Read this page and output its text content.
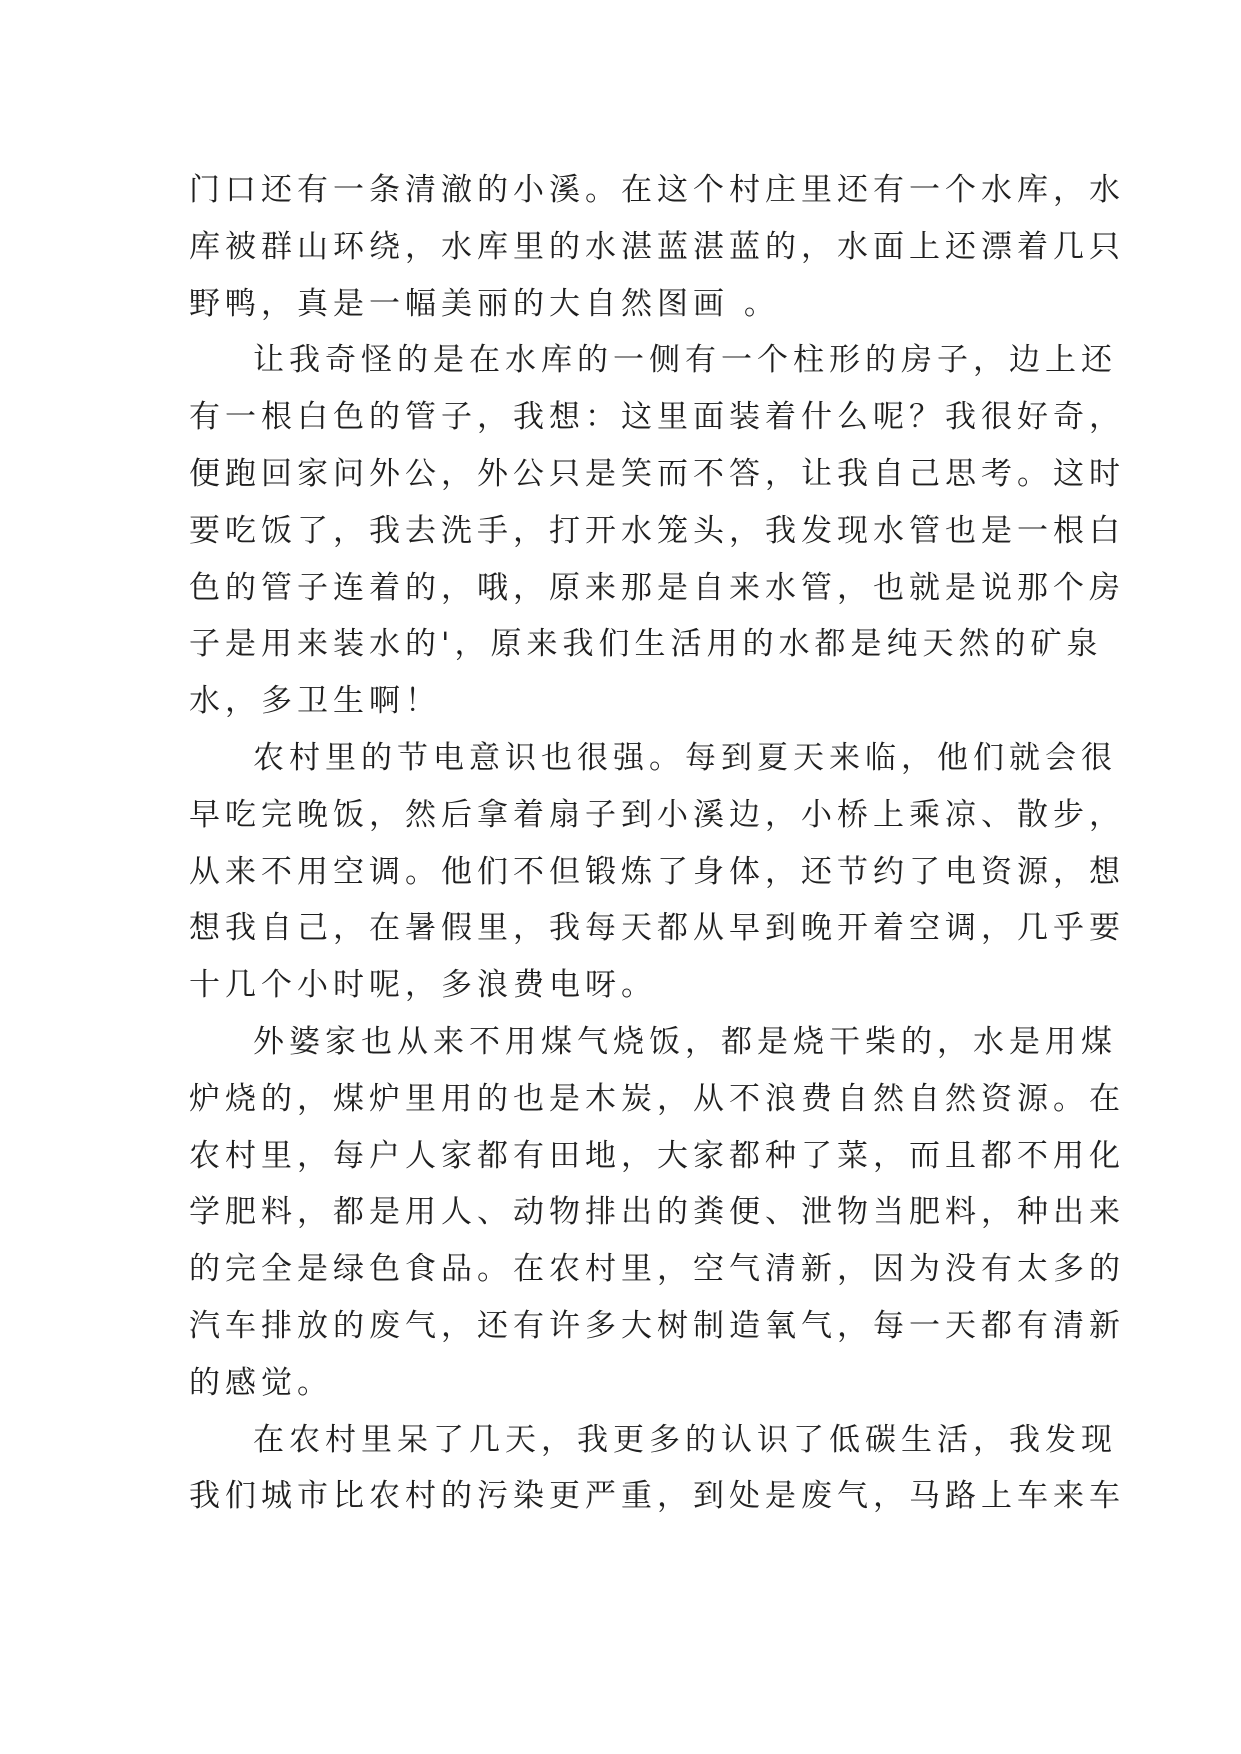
门口还有一条清澈的小溪。在这个村庄里还有一个水库，水
库被群山环绕，水库里的水湛蓝湛蓝的，水面上还漂着几只
野鸭，真是一幅美丽的大自然图画 。
让我奇怪的是在水库的一侧有一个柱形的房子，边上还
有一根白色的管子，我想：这里面装着什么呢？我很好奇，
便跑回家问外公，外公只是笑而不答，让我自己思考。这时
要吃饭了，我去洗手，打开水笼头，我发现水管也是一根白
色的管子连着的，哦，原来那是自来水管，也就是说那个房
子是用来装水的'，原来我们生活用的水都是纯天然的矿泉
水，多卫生啊！
农村里的节电意识也很强。每到夏天来临，他们就会很
早吃完晚饭，然后拿着扇子到小溪边，小桥上乘凉、散步，
从来不用空调。他们不但锻炼了身体，还节约了电资源，想
想我自己，在暑假里，我每天都从早到晚开着空调，几乎要
十几个小时呢，多浪费电呀。
外婆家也从来不用煤气烧饭，都是烧干柴的，水是用煤
炉烧的，煤炉里用的也是木炭，从不浪费自然自然资源。在
农村里，每户人家都有田地，大家都种了菜，而且都不用化
学肥料，都是用人、动物排出的粪便、泄物当肥料，种出来
的完全是绿色食品。在农村里，空气清新，因为没有太多的
汽车排放的废气，还有许多大树制造氧气，每一天都有清新
的感觉。
在农村里呆了几天，我更多的认识了低碳生活，我发现
我们城市比农村的污染更严重，到处是废气，马路上车来车
